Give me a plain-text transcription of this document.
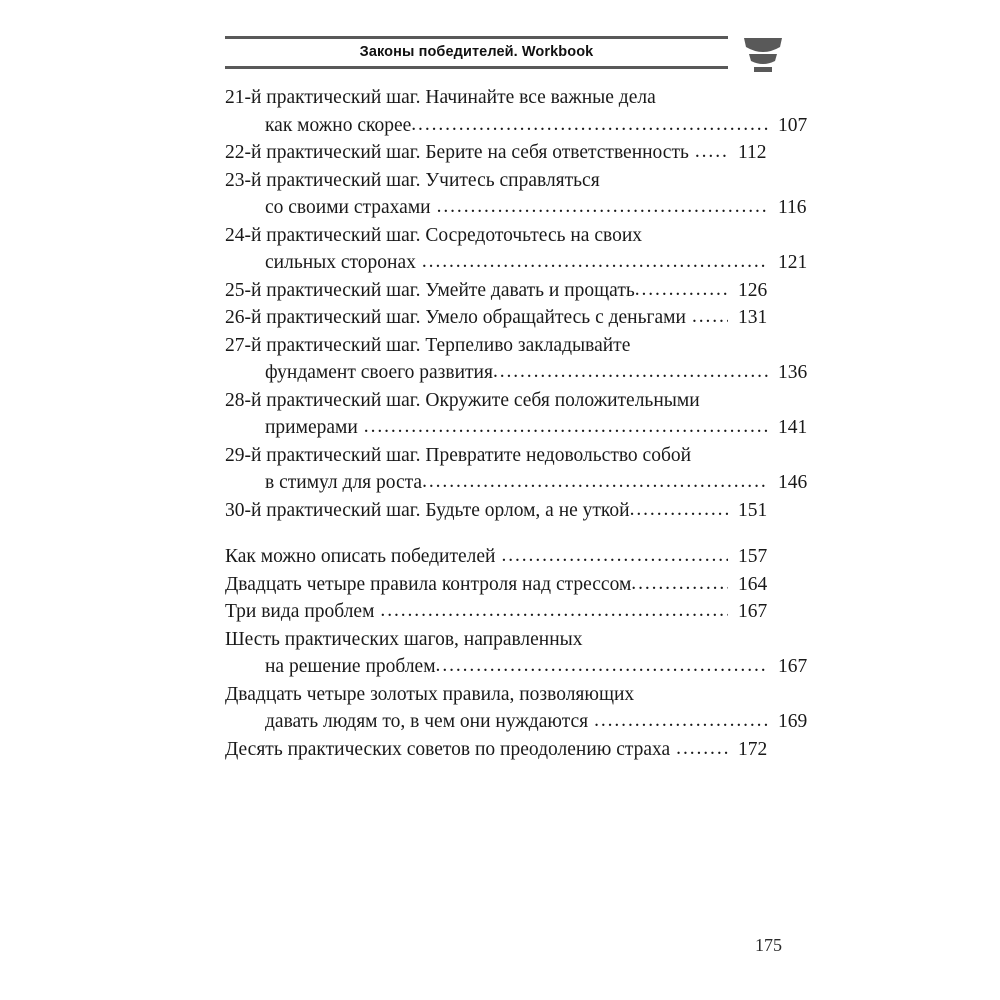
Законы победителей. Workbook
21-й практический шаг. Начинайте все важные дела
как можно скорее .....	107
22-й практический шаг. Берите на себя ответственность .....	112
23-й практический шаг. Учитесь справляться
со своими страхами .....	116
24-й практический шаг. Сосредоточьтесь на своих
сильных сторонах .....	121
25-й практический шаг. Умейте давать и прощать .....	126
26-й практический шаг. Умело обращайтесь с деньгами .....	131
27-й практический шаг. Терпеливо закладывайте
фундамент своего развития .....	136
28-й практический шаг. Окружите себя положительными
примерами .....	141
29-й практический шаг. Превратите недовольство собой
в стимул для роста .....	146
30-й практический шаг. Будьте орлом, а не уткой .....	151
Как можно описать победителей .....	157
Двадцать четыре правила контроля над стрессом .....	164
Три вида проблем .....	167
Шесть практических шагов, направленных
на решение проблем .....	167
Двадцать четыре золотых правила, позволяющих
давать людям то, в чем они нуждаются .....	169
Десять практических советов по преодолению страха .....	172
175
